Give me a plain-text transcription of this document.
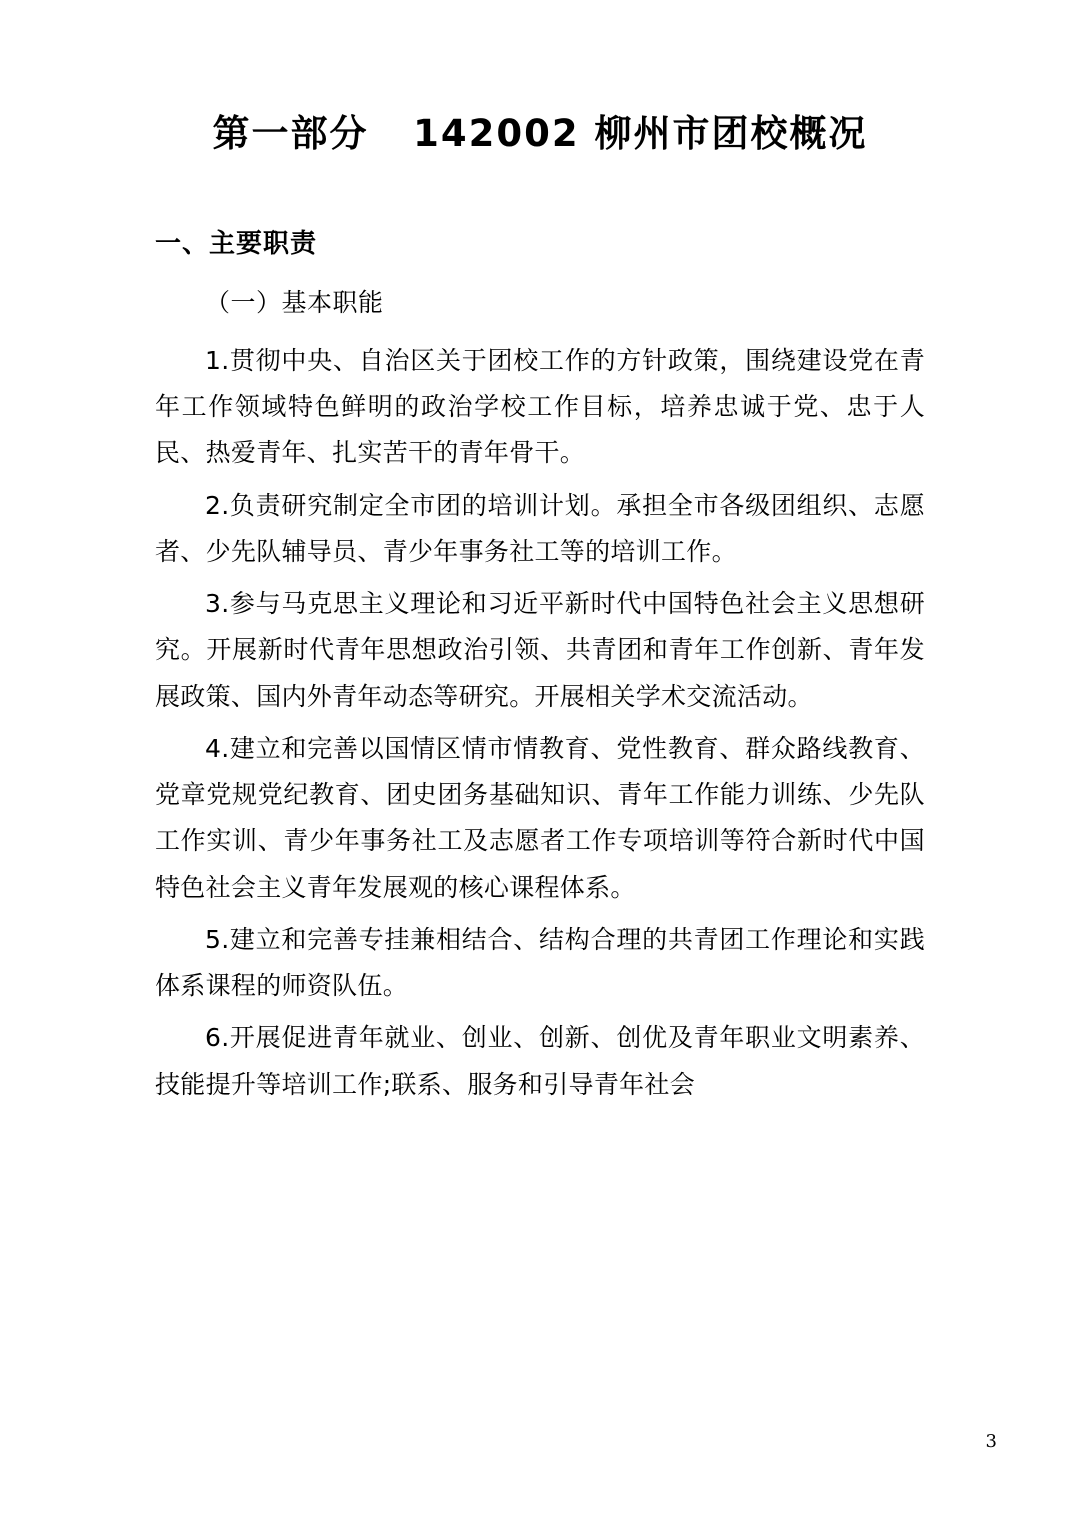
第一部分   142002 柳州市团校概况
一、主要职责

（一）基本职能

1.贯彻中央、自治区关于团校工作的方针政策，围绕建设党在青年工作领域特色鲜明的政治学校工作目标，培养忠诚于党、忠于人民、热爱青年、扎实苦干的青年骨干。

2.负责研究制定全市团的培训计划。承担全市各级团组织、志愿者、少先队辅导员、青少年事务社工等的培训工作。

3.参与马克思主义理论和习近平新时代中国特色社会主义思想研究。开展新时代青年思想政治引领、共青团和青年工作创新、青年发展政策、国内外青年动态等研究。开展相关学术交流活动。

4.建立和完善以国情区情市情教育、党性教育、群众路线教育、党章党规党纪教育、团史团务基础知识、青年工作能力训练、少先队工作实训、青少年事务社工及志愿者工作专项培训等符合新时代中国特色社会主义青年发展观的核心课程体系。

5.建立和完善专挂兼相结合、结构合理的共青团工作理论和实践体系课程的师资队伍。

6.开展促进青年就业、创业、创新、创优及青年职业文明素养、技能提升等培训工作;联系、服务和引导青年社会

3
